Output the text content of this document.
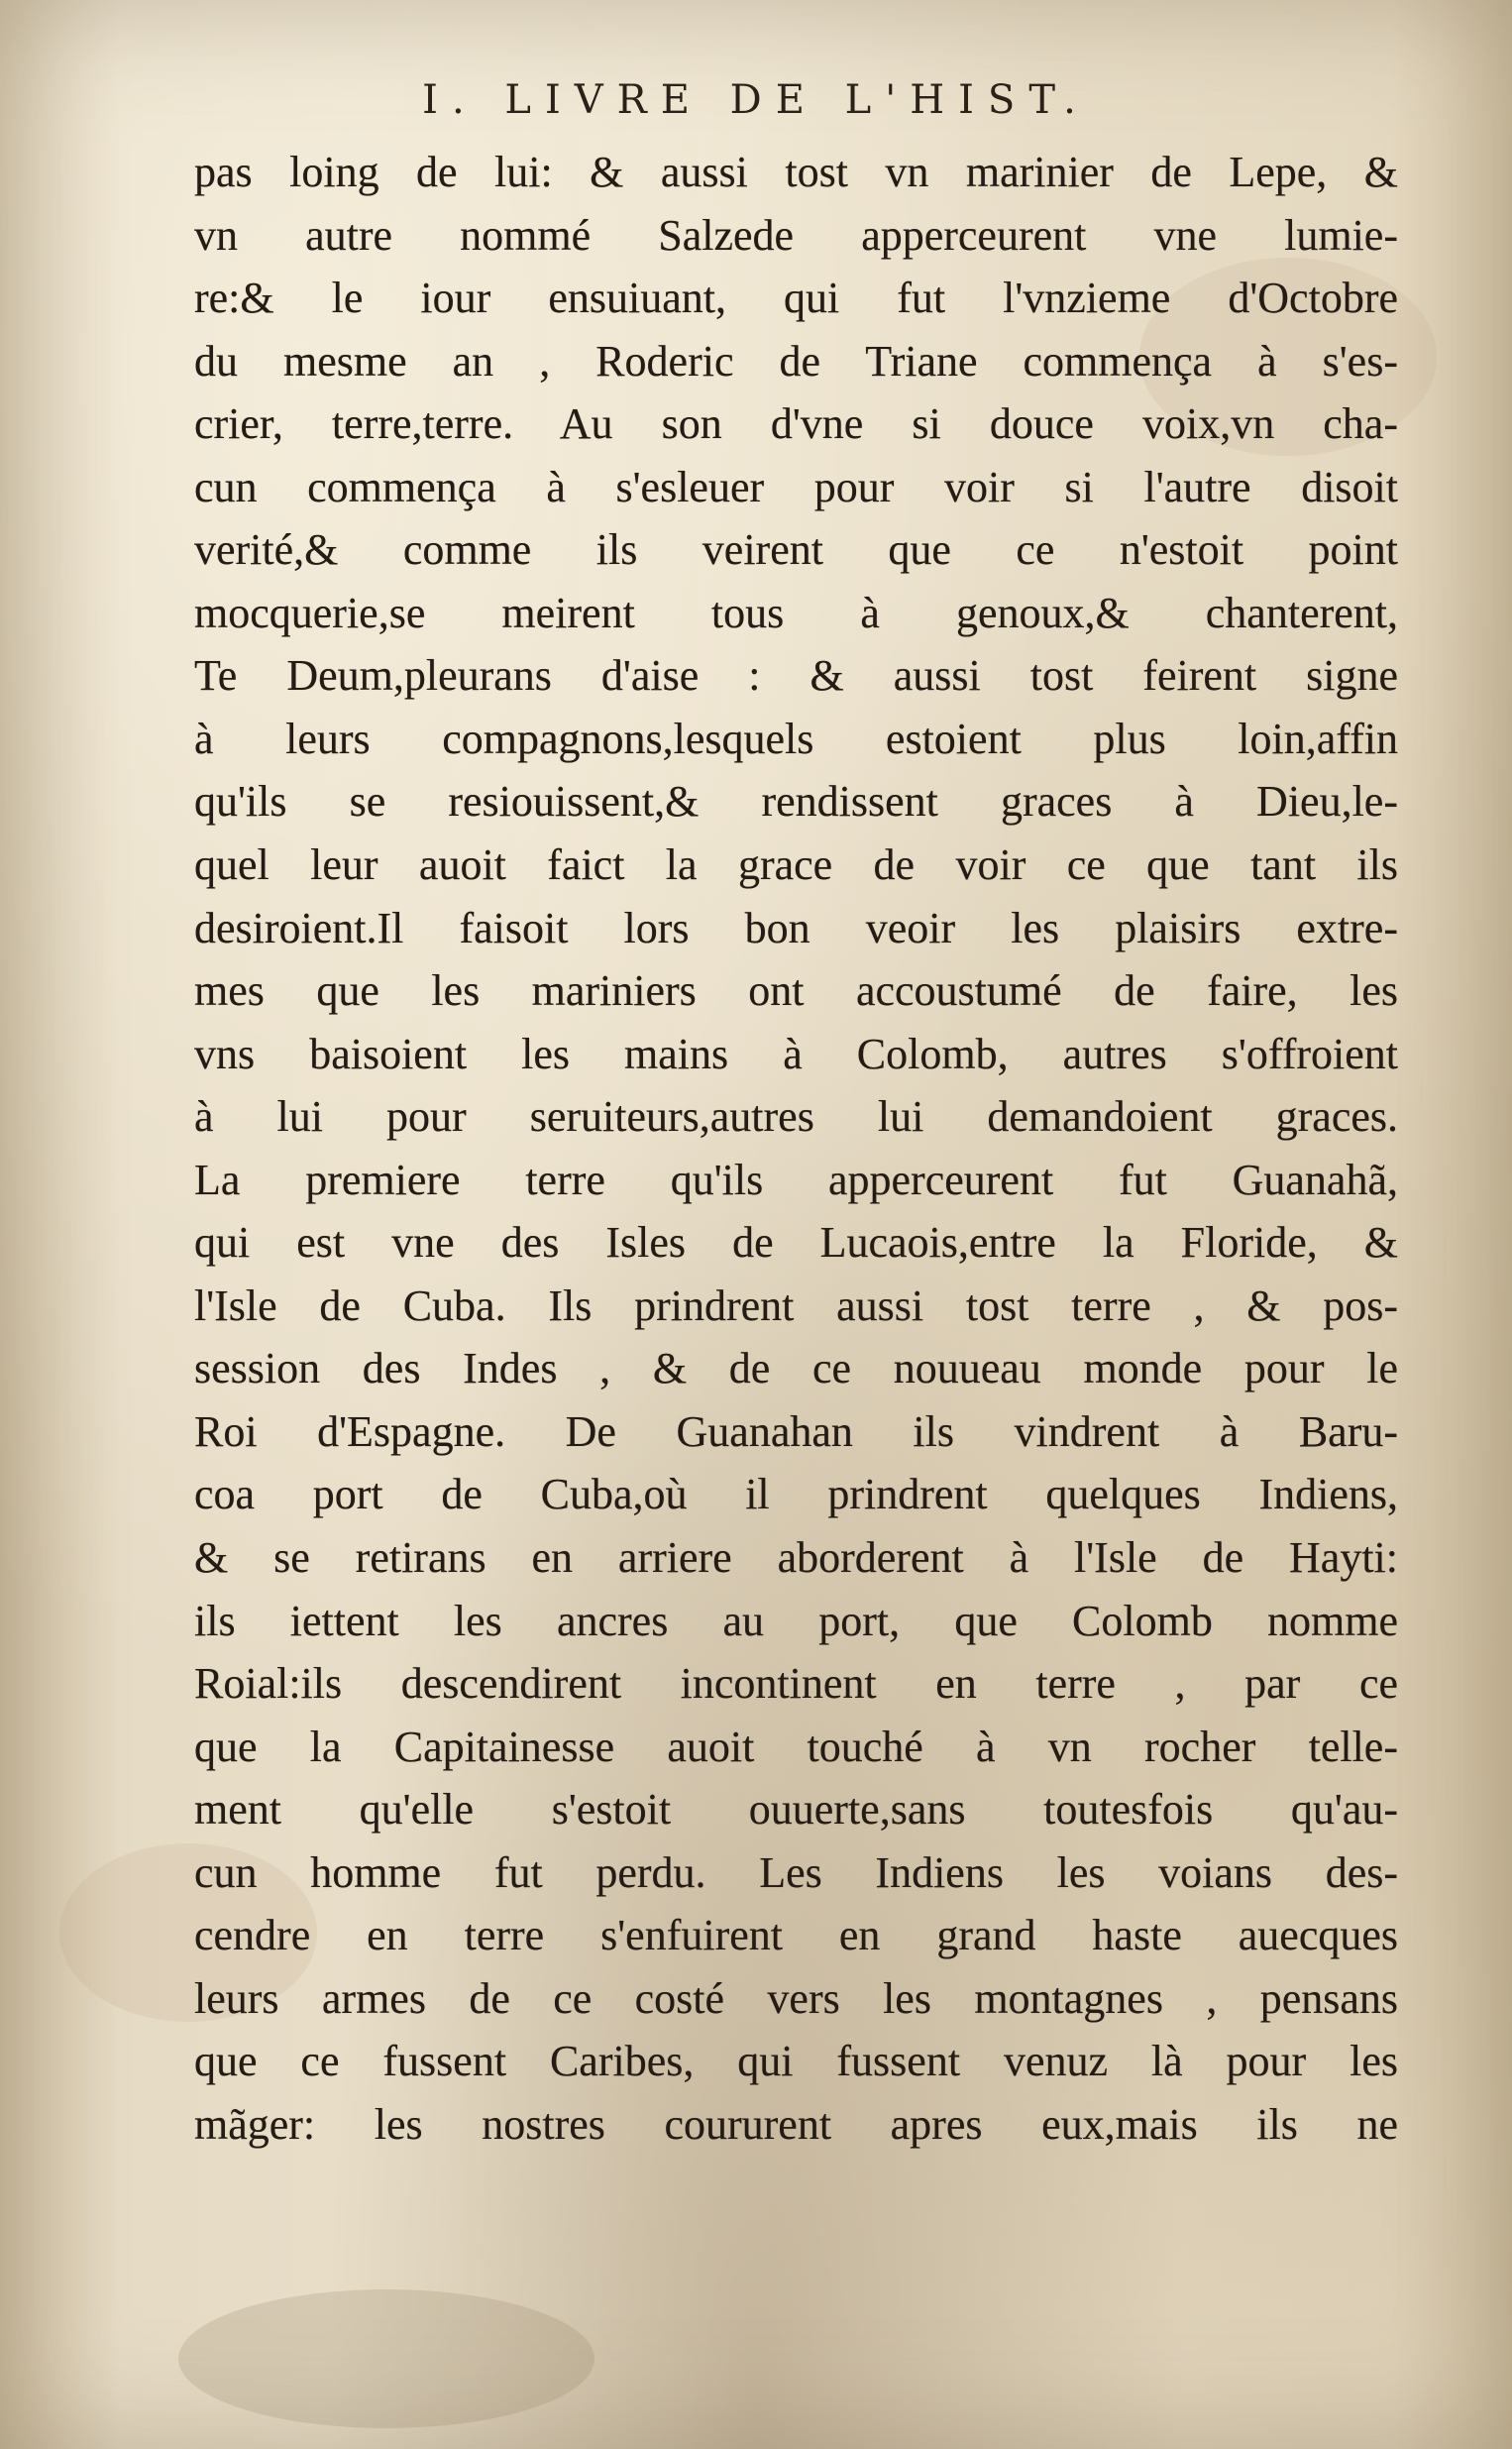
I. LIVRE DE L'HIST.
pas loing de lui: & aussi tost vn marinier de Lepe, &
vn autre nommé Salzede apperceurent vne lumie-
re:& le iour ensuiuant, qui fut l'vnzieme d'Octobre
du mesme an , Roderic de Triane commença à s'es-
crier, terre,terre. Au son d'vne si douce voix,vn cha-
cun commença à s'esleuer pour voir si l'autre disoit
verité,& comme ils veirent que ce n'estoit point
mocquerie,se meirent tous à genoux,& chanterent,
Te Deum,pleurans d'aise : & aussi tost feirent signe
à leurs compagnons,lesquels estoient plus loin,affin
qu'ils se resiouissent,& rendissent graces à Dieu,le-
quel leur auoit faict la grace de voir ce que tant ils
desiroient.Il faisoit lors bon veoir les plaisirs extre-
mes que les mariniers ont accoustumé de faire, les
vns baisoient les mains à Colomb, autres s'offroient
à lui pour seruiteurs,autres lui demandoient graces.
La premiere terre qu'ils apperceurent fut Guanahã,
qui est vne des Isles de Lucaois,entre la Floride, &
l'Isle de Cuba. Ils prindrent aussi tost terre , & pos-
session des Indes , & de ce nouueau monde pour le
Roi d'Espagne. De Guanahan ils vindrent à Baru-
coa port de Cuba,où il prindrent quelques Indiens,
& se retirans en arriere aborderent à l'Isle de Hayti:
ils iettent les ancres au port, que Colomb nomme
Roial:ils descendirent incontinent en terre , par ce
que la Capitainesse auoit touché à vn rocher telle-
ment qu'elle s'estoit ouuerte,sans toutesfois qu'au-
cun homme fut perdu. Les Indiens les voians des-
cendre en terre s'enfuirent en grand haste auecques
leurs armes de ce costé vers les montagnes , pensans
que ce fussent Caribes, qui fussent venuz là pour les
mãger: les nostres coururent apres eux,mais ils ne
